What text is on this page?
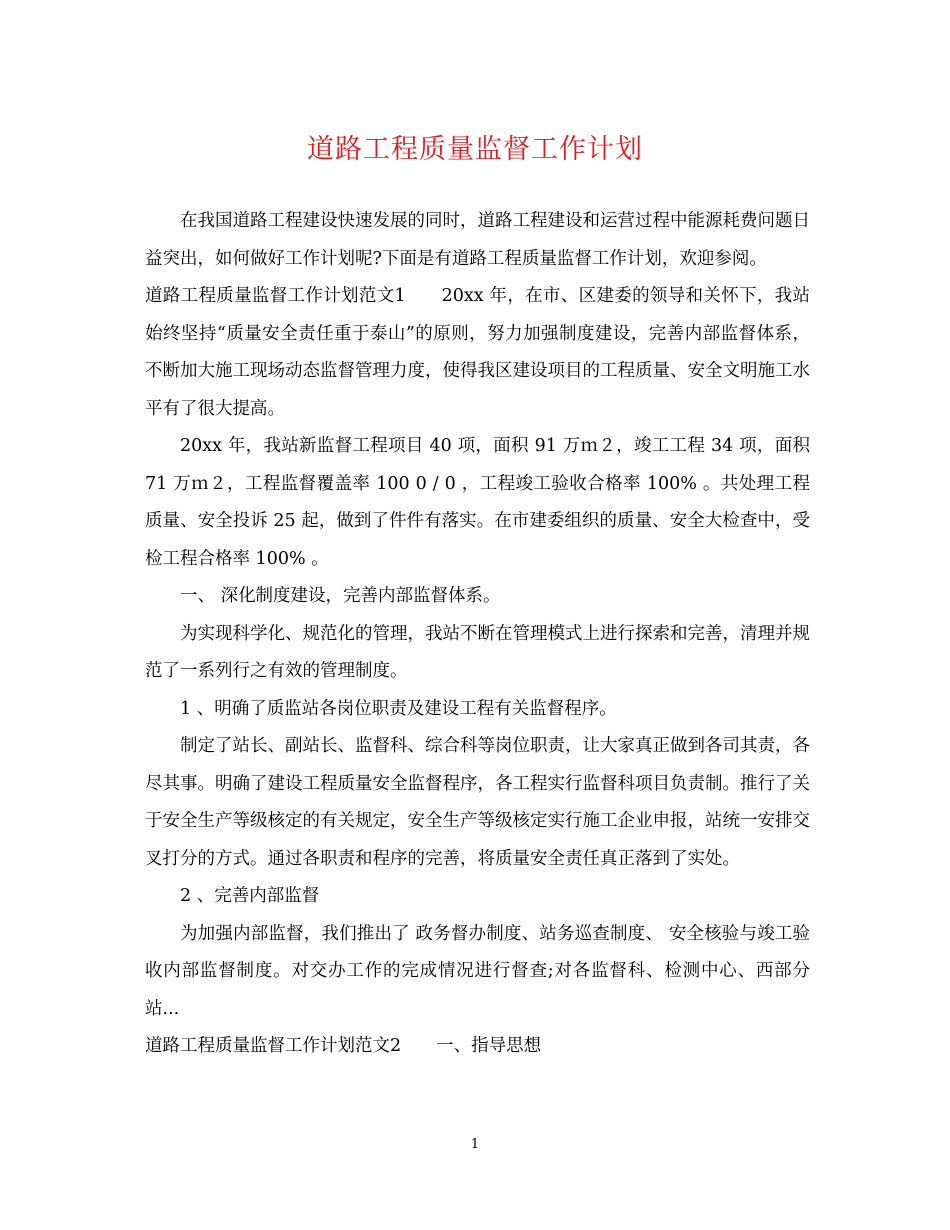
道路工程质量监督工作计划

在我国道路工程建设快速发展的同时，道路工程建设和运营过程中能源耗费问题日益突出，如何做好工作计划呢?下面是有道路工程质量监督工作计划，欢迎参阅。

道路工程质量监督工作计划范文1　　20xx 年，在市、区建委的领导和关怀下，我站始终坚持“质量安全责任重于泰山”的原则，努力加强制度建设，完善内部监督体系，不断加大施工现场动态监督管理力度，使得我区建设项目的工程质量、安全文明施工水平有了很大提高。

20xx 年，我站新监督工程项目 40 项，面积 91 万ｍ２，竣工工程 34 项，面积 71 万ｍ２，工程监督覆盖率 100 0 / 0 ，工程竣工验收合格率 100% 。共处理工程质量、安全投诉 25 起，做到了件件有落实。在市建委组织的质量、安全大检查中，受检工程合格率 100% 。

一、 深化制度建设，完善内部监督体系。

为实现科学化、规范化的管理，我站不断在管理模式上进行探索和完善，清理并规范了一系列行之有效的管理制度。

1 、明确了质监站各岗位职责及建设工程有关监督程序。

制定了站长、副站长、监督科、综合科等岗位职责，让大家真正做到各司其责，各尽其事。明确了建设工程质量安全监督程序，各工程实行监督科项目负责制。推行了关于安全生产等级核定的有关规定，安全生产等级核定实行施工企业申报，站统一安排交 叉打分的方式。通过各职责和程序的完善，将质量安全责任真正落到了实处。

2 、完善内部监督

为加强内部监督，我们推出了 政务督办制度、站务巡查制度、 安全核验与竣工验收内部监督制度。对交办工作的完成情况进行督查;对各监督科、检测中心、西部分站...

道路工程质量监督工作计划范文2　　一、指导思想

1
